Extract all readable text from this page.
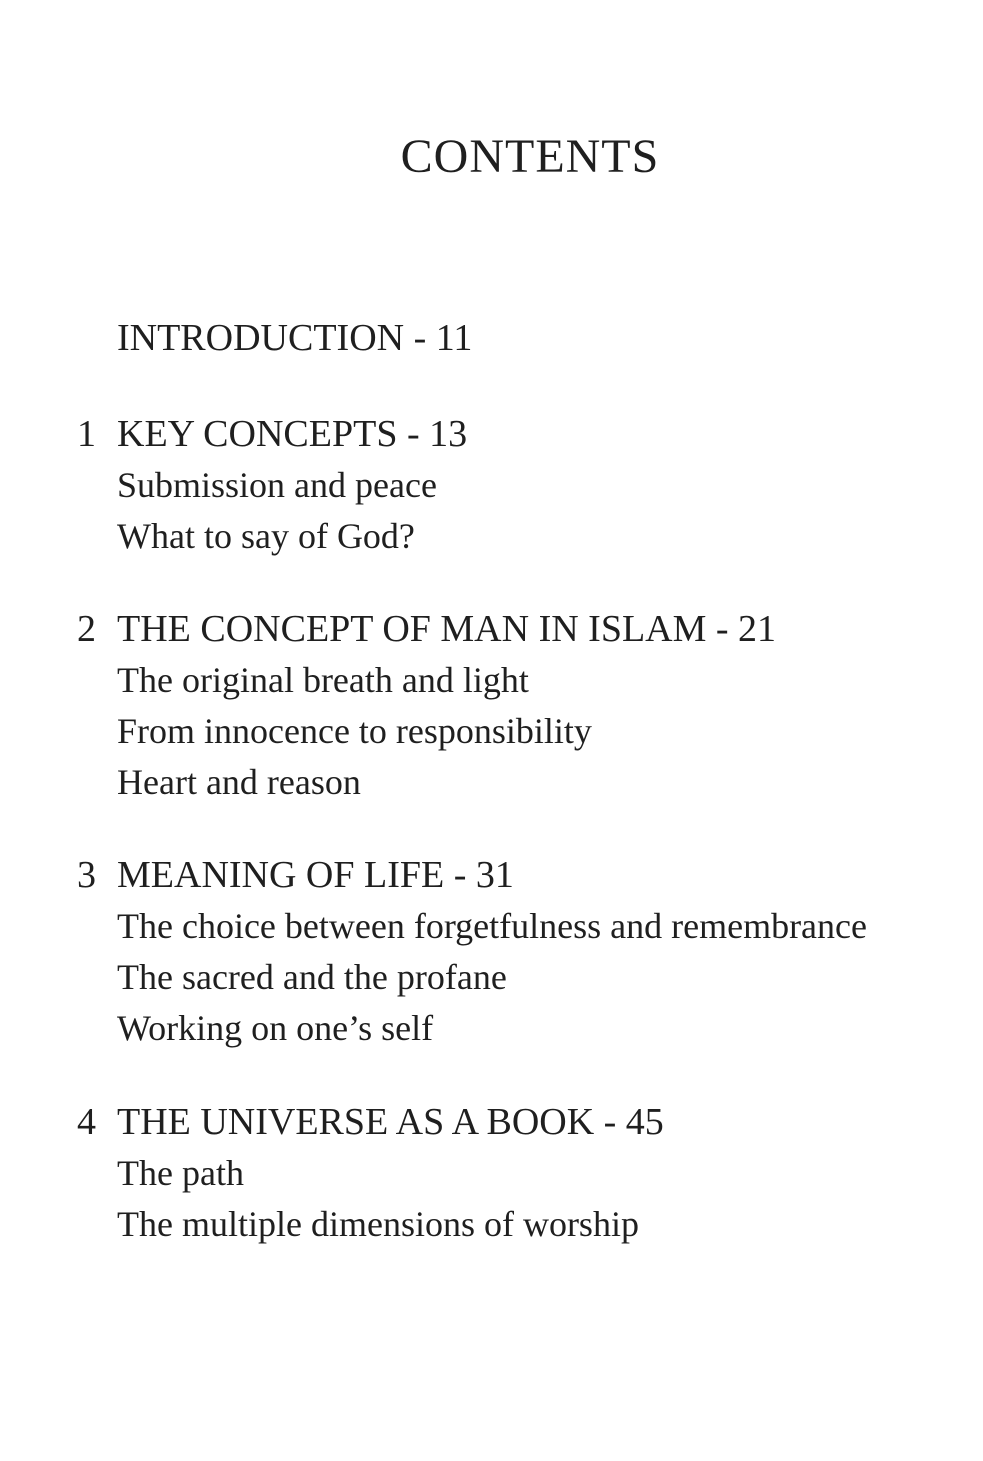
CONTENTS
INTRODUCTION - 11
1 KEY CONCEPTS - 13
Submission and peace
What to say of God?
2 THE CONCEPT OF MAN IN ISLAM - 21
The original breath and light
From innocence to responsibility
Heart and reason
3 MEANING OF LIFE - 31
The choice between forgetfulness and remembrance
The sacred and the profane
Working on one’s self
4 THE UNIVERSE AS A BOOK - 45
The path
The multiple dimensions of worship
